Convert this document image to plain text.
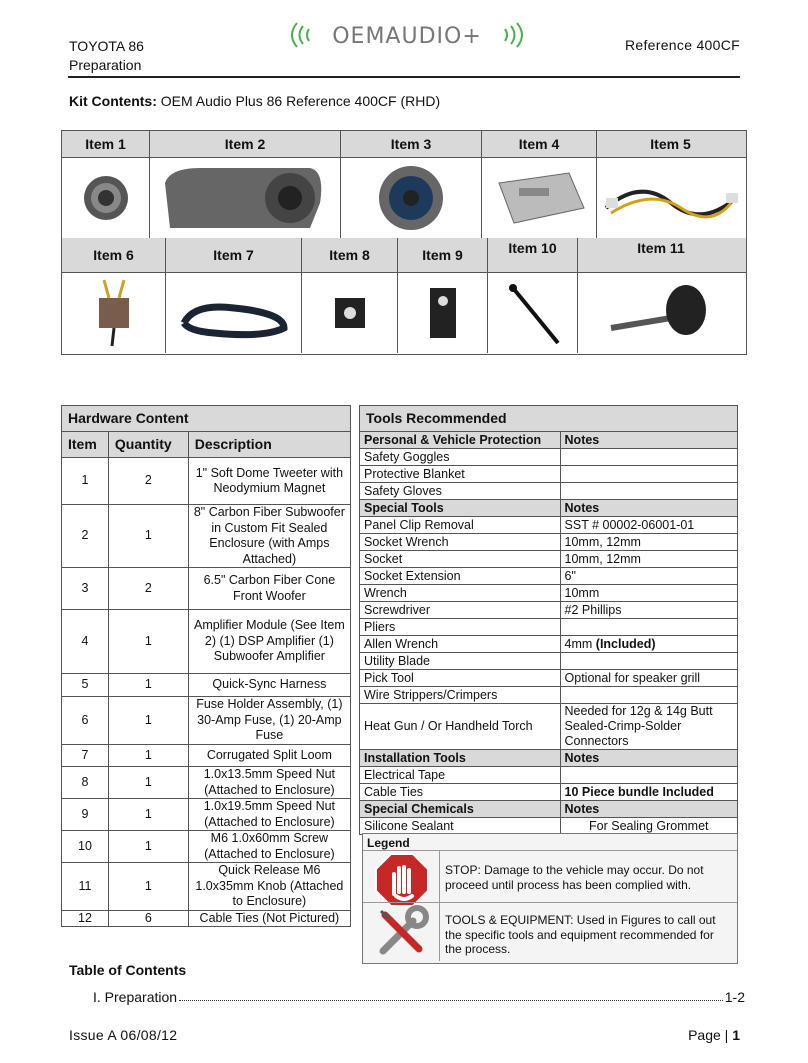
TOYOTA 86
Preparation
OEMAUDIO+	Reference 400CF
Kit Contents: OEM Audio Plus 86 Reference 400CF (RHD)
Item 1	Item 2	Item 3	Item 4	Item 5
Item 6	Item 7	Item 8	Item 9	Item 10	Item 11
Hardware Content		
Item	Quantity	Description
1	2	1" Soft Dome Tweeter with Neodymium Magnet
2	1	8" Carbon Fiber Subwoofer in Custom Fit Sealed Enclosure (with Amps Attached)
3	2	6.5" Carbon Fiber Cone Front Woofer
4	1	Amplifier Module (See Item 2) (1) DSP Amplifier (1) Subwoofer Amplifier
5	1	Quick-Sync Harness
6	1	Fuse Holder Assembly, (1) 30-Amp Fuse, (1) 20-Amp Fuse
7	1	Corrugated Split Loom
8	1	1.0x13.5mm Speed Nut (Attached to Enclosure)
9	1	1.0x19.5mm Speed Nut (Attached to Enclosure)
10	1	M6 1.0x60mm Screw (Attached to Enclosure)
11	1	Quick Release M6 1.0x35mm Knob (Attached to Enclosure)
12	6	Cable Ties (Not Pictured)
Tools Recommended	
Personal & Vehicle Protection	Notes
Safety Goggles	
Protective Blanket	
Safety Gloves	
Special Tools	Notes
Panel Clip Removal	SST # 00002-06001-01
Socket Wrench	10mm, 12mm
Socket	10mm, 12mm
Socket Extension	6"
Wrench	10mm
Screwdriver	#2 Phillips
Pliers	
Allen Wrench	4mm (Included)
Utility Blade	
Pick Tool	Optional for speaker grill
Wire Strippers/Crimpers	
Heat Gun / Or Handheld Torch	Needed for 12g & 14g Butt Sealed-Crimp-Solder Connectors
Installation Tools	Notes
Electrical Tape	
Cable Ties	10 Piece bundle Included
Special Chemicals	Notes
Silicone Sealant	For Sealing Grommet
Legend
STOP: Damage to the vehicle may occur. Do not proceed until process has been complied with.
TOOLS & EQUIPMENT: Used in Figures to call out the specific tools and equipment recommended for the process.
Table of Contents
I. Preparation	1-2
Issue A 06/08/12	Page | 1
